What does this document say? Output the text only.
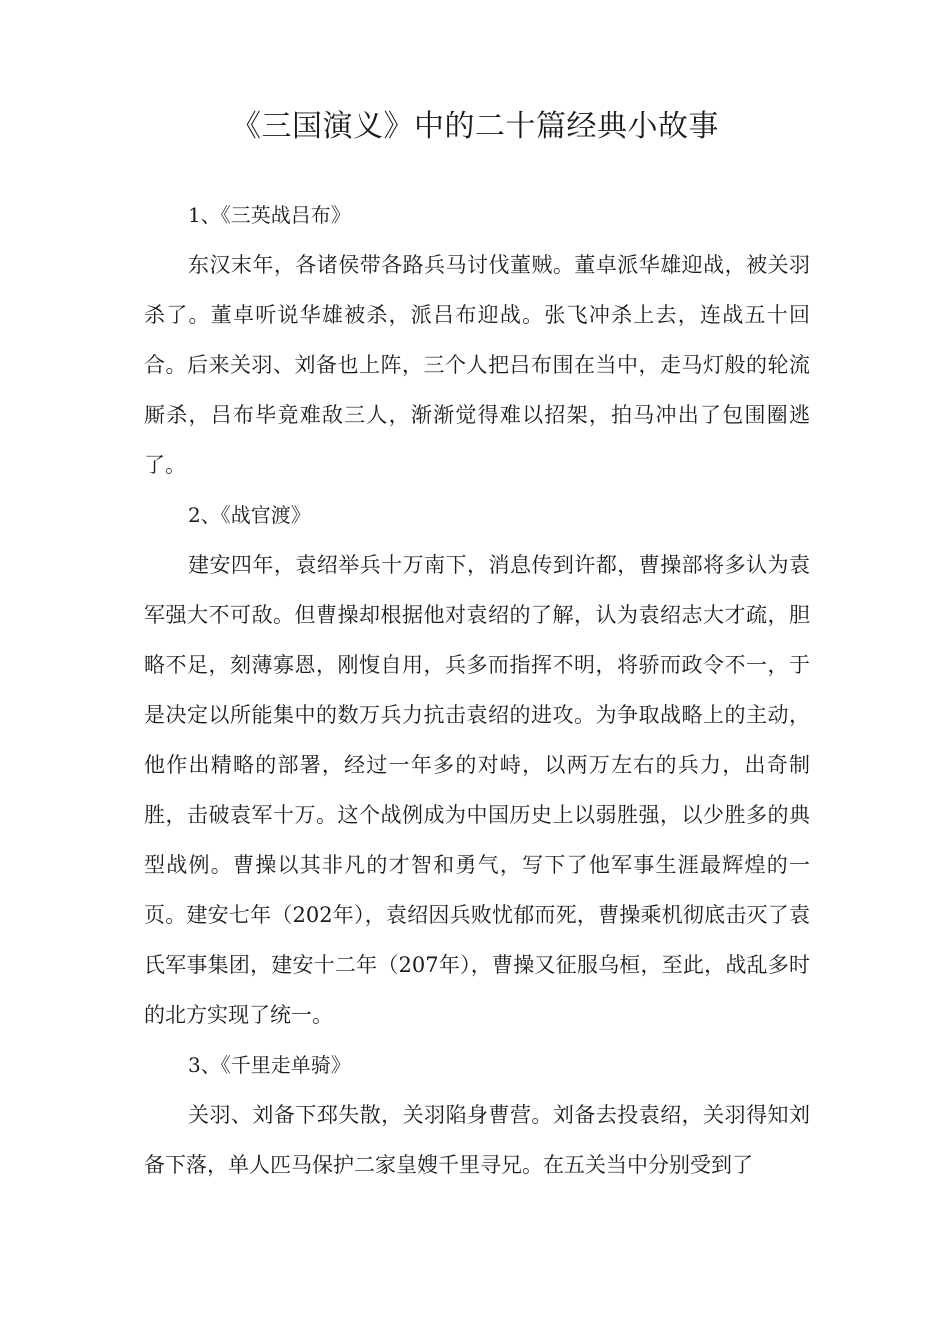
《三国演义》中的二十篇经典小故事

1、《三英战吕布》

东汉末年，各诸侯带各路兵马讨伐董贼。董卓派华雄迎战，被关羽杀了。董卓听说华雄被杀，派吕布迎战。张飞冲杀上去，连战五十回合。后来关羽、刘备也上阵，三个人把吕布围在当中，走马灯般的轮流厮杀，吕布毕竟难敌三人，渐渐觉得难以招架，拍马冲出了包围圈逃了。

2、《战官渡》

建安四年，袁绍举兵十万南下，消息传到许都，曹操部将多认为袁军强大不可敌。但曹操却根据他对袁绍的了解，认为袁绍志大才疏，胆略不足，刻薄寡恩，刚愎自用，兵多而指挥不明，将骄而政令不一，于是决定以所能集中的数万兵力抗击袁绍的进攻。为争取战略上的主动，他作出精略的部署，经过一年多的对峙，以两万左右的兵力，出奇制胜，击破袁军十万。这个战例成为中国历史上以弱胜强，以少胜多的典型战例。曹操以其非凡的才智和勇气，写下了他军事生涯最辉煌的一页。建安七年（202年），袁绍因兵败忧郁而死，曹操乘机彻底击灭了袁氏军事集团，建安十二年（207年），曹操又征服乌桓，至此，战乱多时的北方实现了统一。

3、《千里走单骑》

关羽、刘备下邳失散，关羽陷身曹营。刘备去投袁绍，关羽得知刘备下落，单人匹马保护二家皇嫂千里寻兄。在五关当中分别受到了
